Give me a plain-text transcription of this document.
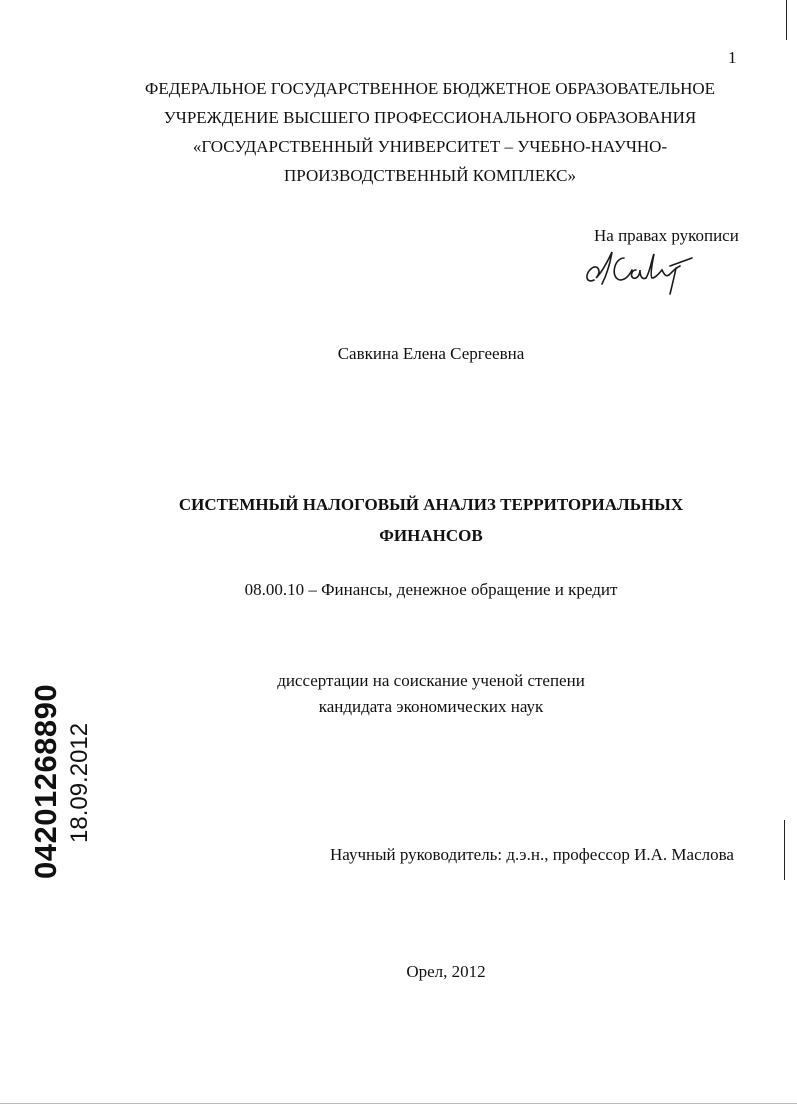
1
ФЕДЕРАЛЬНОЕ ГОСУДАРСТВЕННОЕ БЮДЖЕТНОЕ ОБРАЗОВАТЕЛЬНОЕ
УЧРЕЖДЕНИЕ ВЫСШЕГО ПРОФЕССИОНАЛЬНОГО ОБРАЗОВАНИЯ
«ГОСУДАРСТВЕННЫЙ УНИВЕРСИТЕТ – УЧЕБНО-НАУЧНО-
ПРОИЗВОДСТВЕННЫЙ КОМПЛЕКС»
На правах рукописи
Савкина Елена Сергеевна
СИСТЕМНЫЙ НАЛОГОВЫЙ АНАЛИЗ ТЕРРИТОРИАЛЬНЫХ
ФИНАНСОВ
08.00.10 – Финансы, денежное обращение и кредит
диссертации на соискание ученой степени
кандидата экономических наук
Научный руководитель: д.э.н., профессор И.А. Маслова
Орел, 2012
04201268890 18.09.2012
